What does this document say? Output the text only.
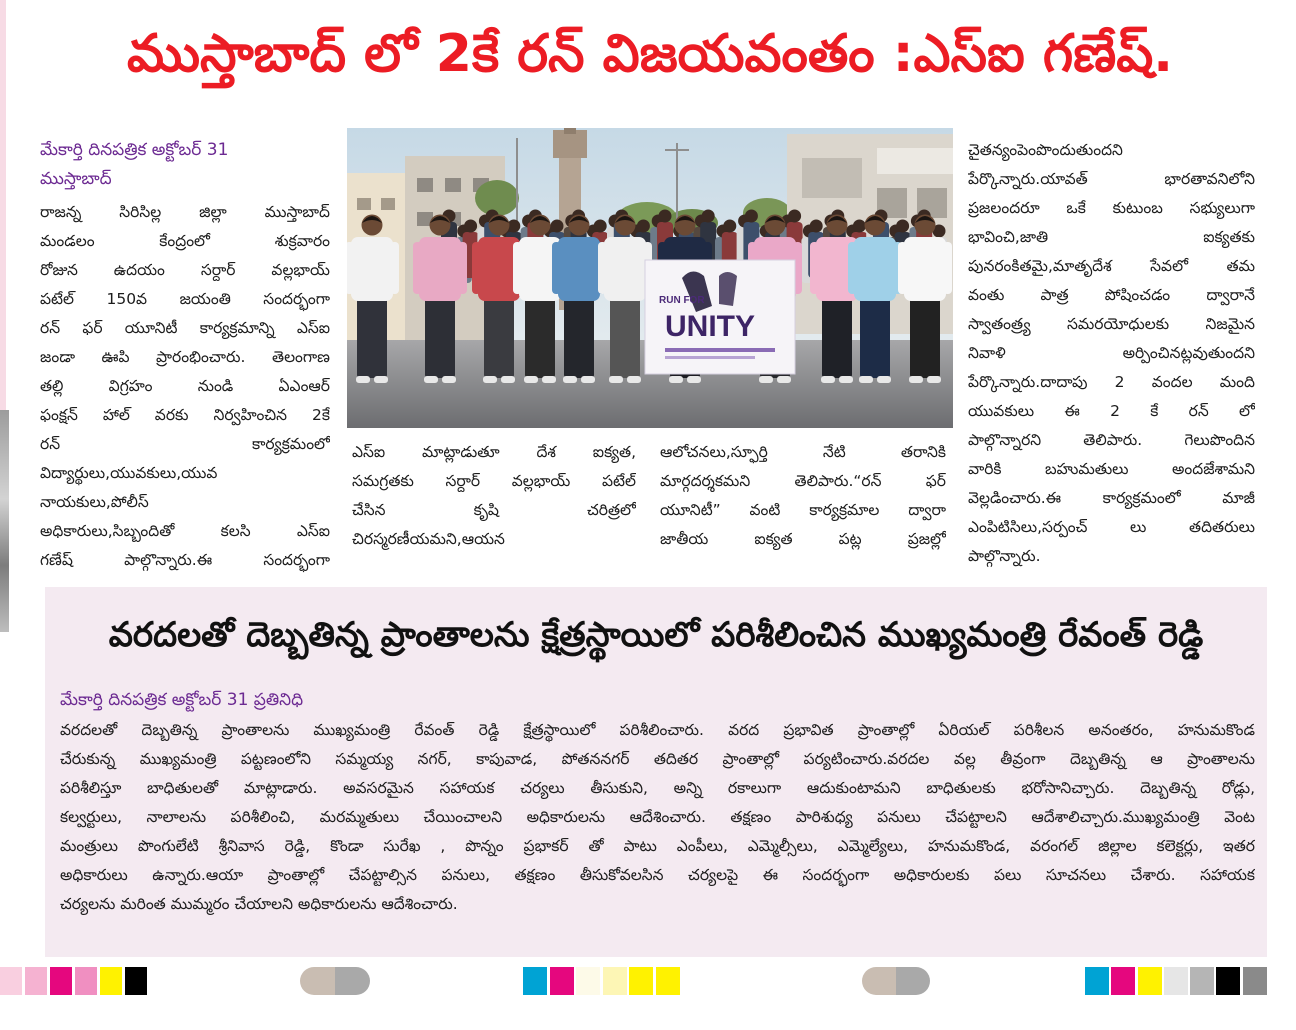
ముస్తాబాద్ లో 2కే రన్ విజయవంతం :ఎస్ఐ గణేష్.
మేకార్తి దినపత్రిక అక్టోబర్ 31
ముస్తాబాద్
రాజన్న సిరిసిల్ల జిల్లా ముస్తాబాద్
మండలం కేంద్రంలో శుక్రవారం
రోజున ఉదయం సర్దార్ వల్లభాయ్
పటేల్ 150వ జయంతి సందర్భంగా
రన్ ఫర్ యూనిటీ కార్యక్రమాన్ని ఎస్ఐ
జండా ఊపి ప్రారంభించారు. తెలంగాణ
తల్లి విగ్రహం నుండి ఏఎంఆర్
ఫంక్షన్ హాల్ వరకు నిర్వహించిన 2కే
రన్ కార్యక్రమంలో
విద్యార్థులు,యువకులు,యువ
నాయకులు,పోలీస్
అధికారులు,సిబ్బందితో కలసి ఎస్ఐ
గణేష్ పాల్గొన్నారు.ఈ సందర్భంగా
RUN FOR
UNITY
ఎస్ఐ మాట్లాడుతూ దేశ ఐక్యత,
సమగ్రతకు సర్దార్ వల్లభాయ్ పటేల్
చేసిన కృషి చరిత్రలో
చిరస్మరణీయమని,ఆయన
ఆలోచనలు,స్ఫూర్తి నేటి తరానికి
మార్గదర్శకమని తెలిపారు.“రన్ ఫర్
యూనిటీ” వంటి కార్యక్రమాల ద్వారా
జాతీయ ఐక్యత పట్ల ప్రజల్లో
చైతన్యంపెంపొందుతుందని
పేర్కొన్నారు.యావత్ భారతావనిలోని
ప్రజలందరూ ఒకే కుటుంబ సభ్యులుగా
భావించి,జాతి ఐక్యతకు
పునరంకితమై,మాతృదేశ సేవలో తమ
వంతు పాత్ర పోషించడం ద్వారానే
స్వాతంత్ర్య సమరయోధులకు నిజమైన
నివాళి అర్పించినట్లవుతుందని
పేర్కొన్నారు.దాదాపు 2 వందల మంది
యువకులు ఈ 2 కే రన్ లో
పాల్గొన్నారని తెలిపారు. గెలుపొందిన
వారికి బహుమతులు అందజేశామని
వెల్లడించారు.ఈ కార్యక్రమంలో మాజీ
ఎంపిటిసిలు,సర్పంచ్ లు తదితరులు
పాల్గొన్నారు.
వరదలతో దెబ్బతిన్న ప్రాంతాలను క్షేత్రస్థాయిలో పరిశీలించిన ముఖ్యమంత్రి రేవంత్ రెడ్డి
మేకార్తి దినపత్రిక అక్టోబర్ 31 ప్రతినిధి
వరదలతో దెబ్బతిన్న ప్రాంతాలను ముఖ్యమంత్రి రేవంత్ రెడ్డి క్షేత్రస్థాయిలో పరిశీలించారు. వరద ప్రభావిత ప్రాంతాల్లో ఏరియల్ పరిశీలన అనంతరం, హనుమకొండ
చేరుకున్న ముఖ్యమంత్రి పట్టణంలోని సమ్మయ్య నగర్, కాపువాడ, పోతననగర్ తదితర ప్రాంతాల్లో పర్యటించారు.వరదల వల్ల తీవ్రంగా దెబ్బతిన్న ఆ ప్రాంతాలను
పరిశీలిస్తూ బాధితులతో మాట్లాడారు. అవసరమైన సహాయక చర్యలు తీసుకుని, అన్ని రకాలుగా ఆదుకుంటామని బాధితులకు భరోసానిచ్చారు. దెబ్బతిన్న రోడ్లు,
కల్వర్టులు, నాలాలను పరిశీలించి, మరమ్మతులు చేయించాలని అధికారులను ఆదేశించారు. తక్షణం పారిశుధ్య పనులు చేపట్టాలని ఆదేశాలిచ్చారు.ముఖ్యమంత్రి వెంట
మంత్రులు పొంగులేటి శ్రీనివాస రెడ్డి, కొండా సురేఖ , పొన్నం ప్రభాకర్ తో పాటు ఎంపీలు, ఎమ్మెల్సీలు, ఎమ్మెల్యేలు, హనుమకొండ, వరంగల్ జిల్లాల కలెక్టర్లు, ఇతర
అధికారులు ఉన్నారు.ఆయా ప్రాంతాల్లో చేపట్టాల్సిన పనులు, తక్షణం తీసుకోవలసిన చర్యలపై ఈ సందర్భంగా అధికారులకు పలు సూచనలు చేశారు. సహాయక
చర్యలను మరింత ముమ్మరం చేయాలని అధికారులను ఆదేశించారు.
